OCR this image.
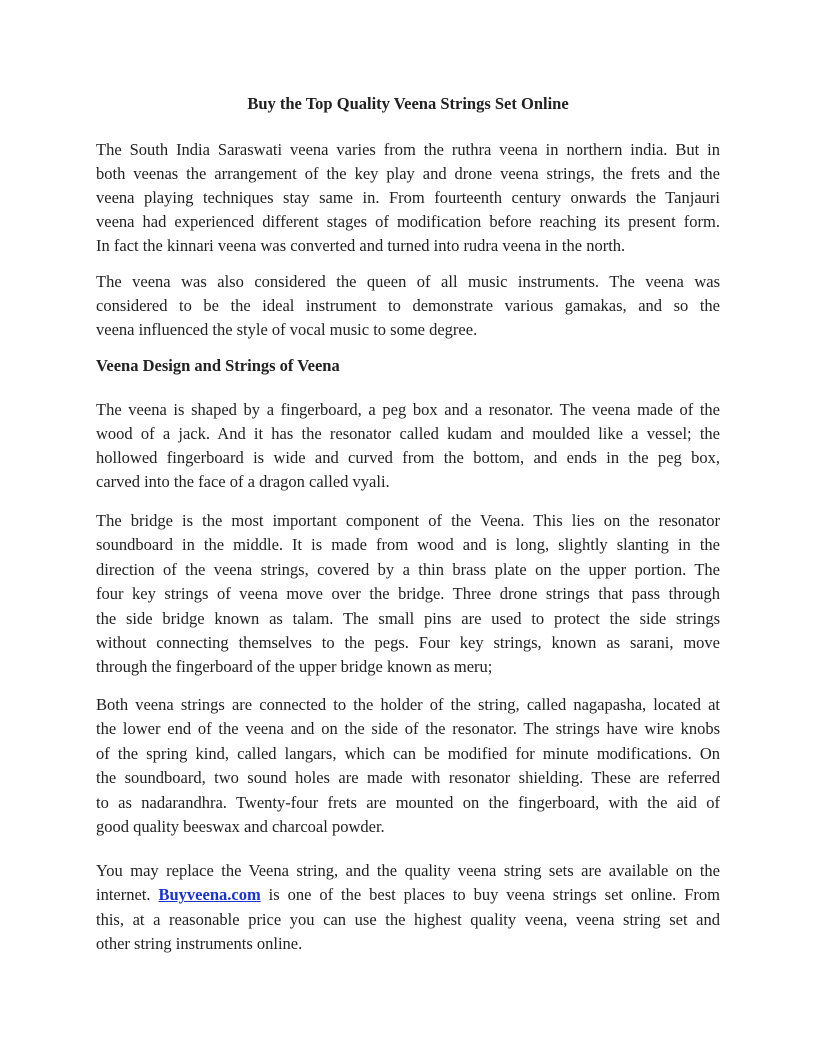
Buy the Top Quality Veena Strings Set Online
The South India Saraswati veena varies from the ruthra veena in northern india. But in
both veenas the arrangement of the key play and drone veena strings, the frets and the
veena playing techniques stay same in. From fourteenth century onwards the Tanjauri
veena had experienced different stages of modification before reaching its present form.
In fact the kinnari veena was converted and turned into rudra veena in the north.
The veena was also considered the queen of all music instruments. The veena was
considered to be the ideal instrument to demonstrate various gamakas, and so the
veena influenced the style of vocal music to some degree.
Veena Design and Strings of Veena
The veena is shaped by a fingerboard, a peg box and a resonator. The veena made of the
wood of a jack. And it has the resonator called kudam and moulded like a vessel; the
hollowed fingerboard is wide and curved from the bottom, and ends in the peg box,
carved into the face of a dragon called vyali.
The bridge is the most important component of the Veena. This lies on the resonator
soundboard in the middle. It is made from wood and is long, slightly slanting in the
direction of the veena strings, covered by a thin brass plate on the upper portion. The
four key strings of veena move over the bridge. Three drone strings that pass through
the side bridge known as talam. The small pins are used to protect the side strings
without connecting themselves to the pegs. Four key strings, known as sarani, move
through the fingerboard of the upper bridge known as meru;
Both veena strings are connected to the holder of the string, called nagapasha, located at
the lower end of the veena and on the side of the resonator. The strings have wire knobs
of the spring kind, called langars, which can be modified for minute modifications. On
the soundboard, two sound holes are made with resonator shielding. These are referred
to as nadarandhra. Twenty-four frets are mounted on the fingerboard, with the aid of
good quality beeswax and charcoal powder.
You may replace the Veena string, and the quality veena string sets are available on the
internet. Buyveena.com is one of the best places to buy veena strings set online. From
this, at a reasonable price you can use the highest quality veena, veena string set and
other string instruments online.
